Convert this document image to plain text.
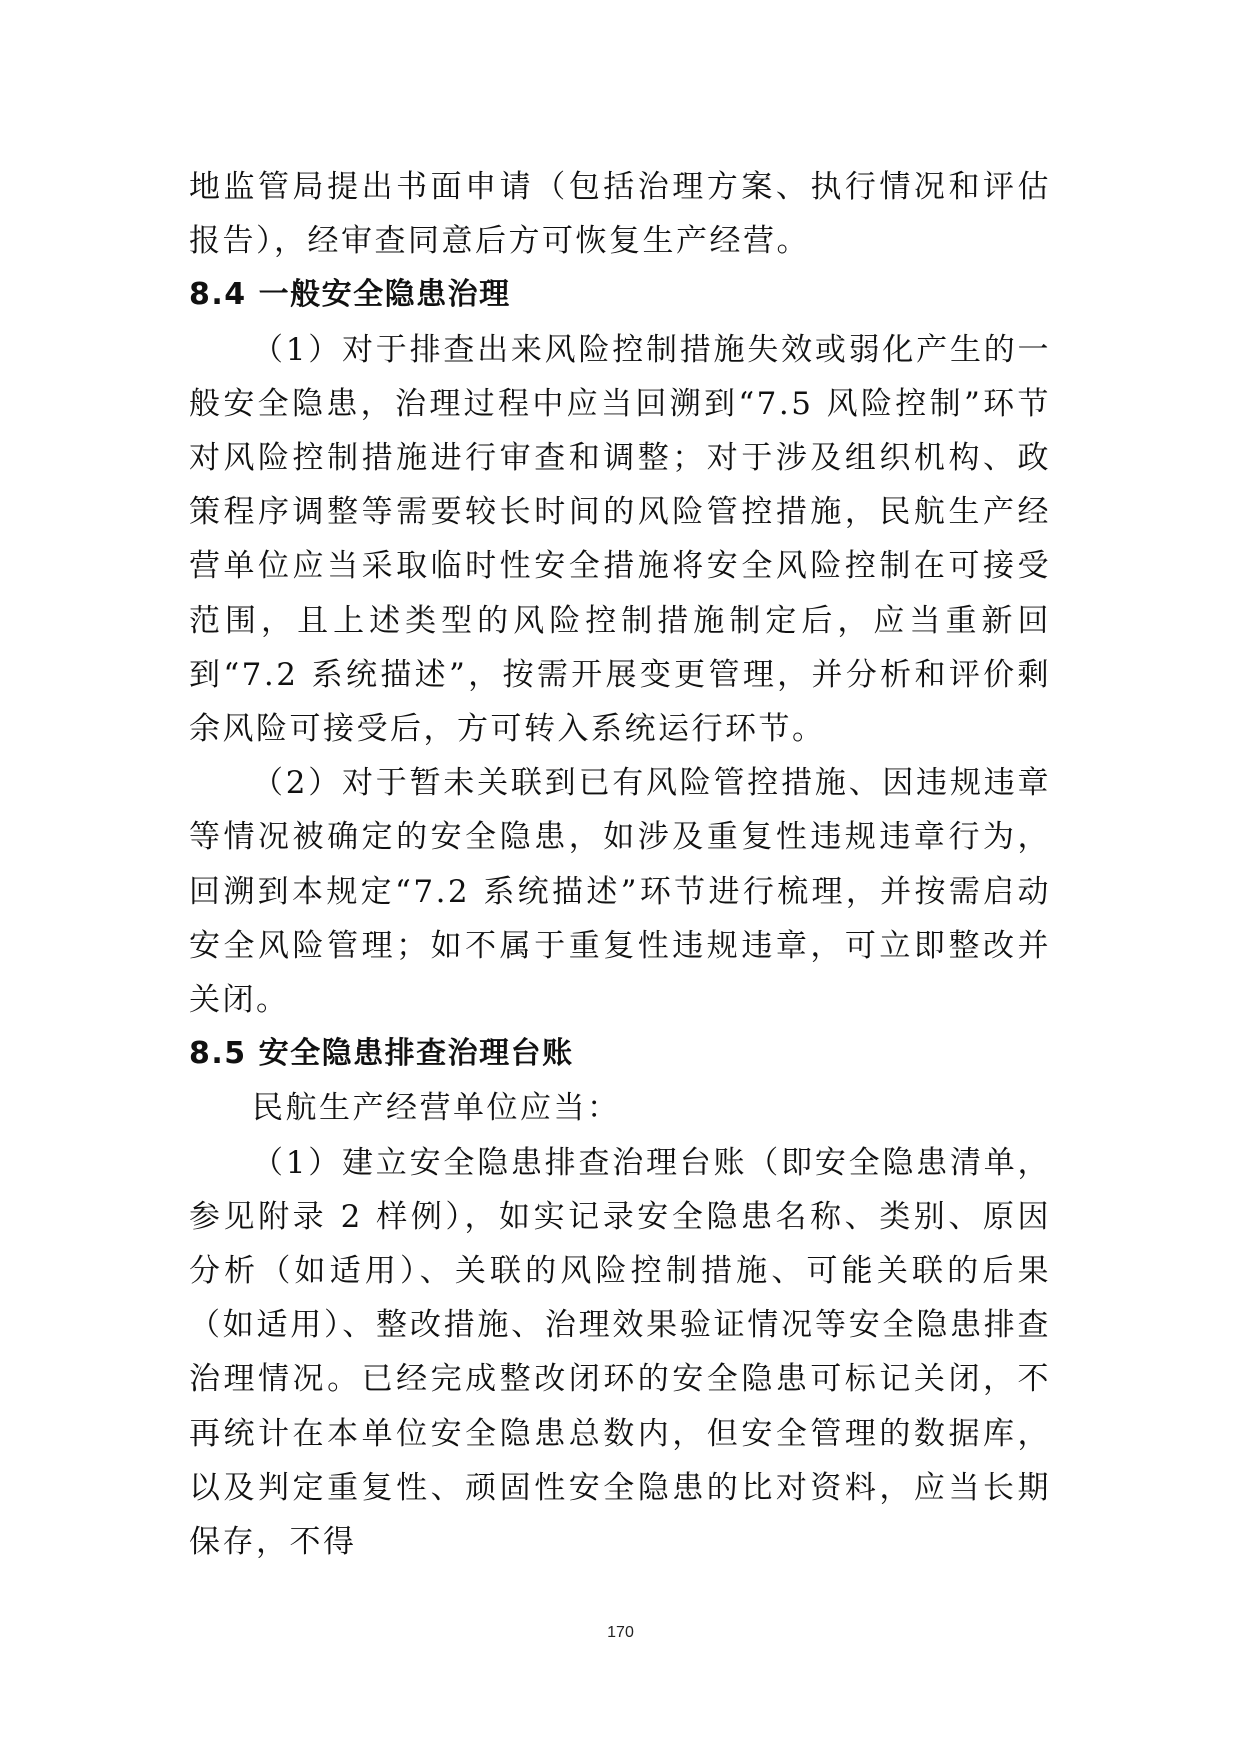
地监管局提出书面申请（包括治理方案、执行情况和评估报告），经审查同意后方可恢复生产经营。

8.4 一般安全隐患治理

（1）对于排查出来风险控制措施失效或弱化产生的一般安全隐患，治理过程中应当回溯到“7.5 风险控制”环节对风险控制措施进行审查和调整；对于涉及组织机构、政策程序调整等需要较长时间的风险管控措施，民航生产经营单位应当采取临时性安全措施将安全风险控制在可接受范围，且上述类型的风险控制措施制定后，应当重新回到“7.2 系统描述”，按需开展变更管理，并分析和评价剩余风险可接受后，方可转入系统运行环节。

（2）对于暂未关联到已有风险管控措施、因违规违章等情况被确定的安全隐患，如涉及重复性违规违章行为，回溯到本规定“7.2 系统描述”环节进行梳理，并按需启动安全风险管理；如不属于重复性违规违章，可立即整改并关闭。

8.5 安全隐患排查治理台账

民航生产经营单位应当：

（1）建立安全隐患排查治理台账（即安全隐患清单，参见附录 2 样例），如实记录安全隐患名称、类别、原因分析（如适用）、关联的风险控制措施、可能关联的后果（如适用）、整改措施、治理效果验证情况等安全隐患排查治理情况。已经完成整改闭环的安全隐患可标记关闭，不再统计在本单位安全隐患总数内，但安全管理的数据库，以及判定重复性、顽固性安全隐患的比对资料，应当长期保存，不得

170
